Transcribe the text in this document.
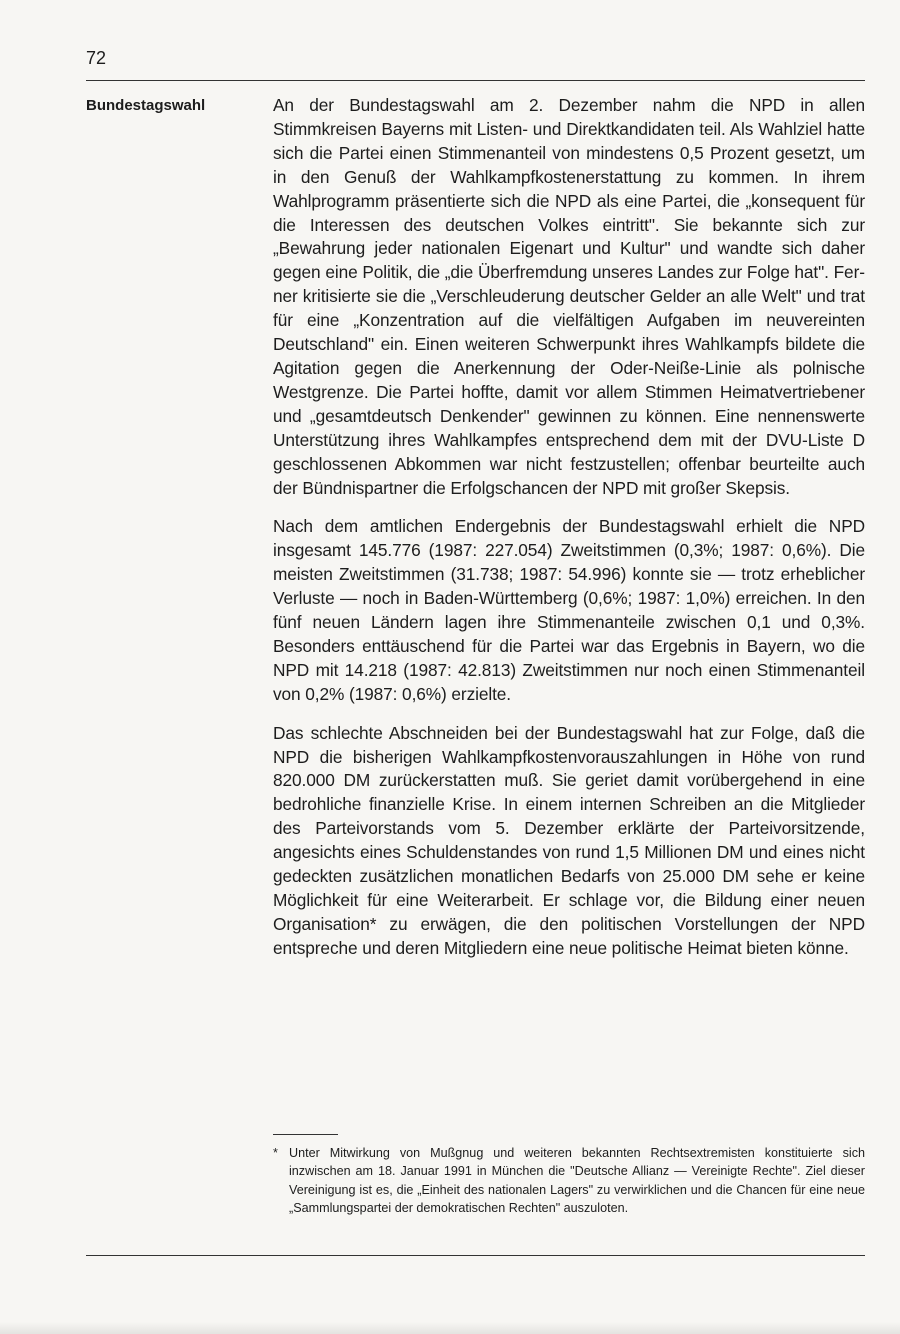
72
Bundestagswahl	An der Bundestagswahl am 2. Dezember nahm die NPD in allen Stimmkreisen Bayerns mit Listen- und Direktkandidaten teil. Als Wahlziel hatte sich die Partei einen Stimmenanteil von mindestens 0,5 Prozent gesetzt, um in den Genuß der Wahlkampfkostenerstattung zu kommen. In ihrem Wahlprogramm präsentierte sich die NPD als eine Partei, die „konsequent für die Interessen des deutschen Volkes eintritt". Sie bekannte sich zur „Bewahrung jeder nationalen Eigenart und Kultur" und wandte sich daher gegen eine Politik, die „die Überfremdung unseres Landes zur Folge hat". Ferner kritisierte sie die „Verschleuderung deutscher Gelder an alle Welt" und trat für eine „Konzentration auf die vielfältigen Aufgaben im neuvereinten Deutschland" ein. Einen weiteren Schwerpunkt ihres Wahlkampfs bildete die Agitation gegen die Anerkennung der Oder-Neiße-Linie als polnische Westgrenze. Die Partei hoffte, damit vor allem Stimmen Heimatvertriebener und „gesamtdeutsch Denkender" gewinnen zu können. Eine nennenswerte Unterstützung ihres Wahlkampfes entsprechend dem mit der DVU-Liste D geschlossenen Abkommen war nicht festzustellen; offenbar beurteilte auch der Bündnispartner die Erfolgschancen der NPD mit großer Skepsis.

Nach dem amtlichen Endergebnis der Bundestagswahl erhielt die NPD insgesamt 145.776 (1987: 227.054) Zweitstimmen (0,3%; 1987: 0,6%). Die meisten Zweitstimmen (31.738; 1987: 54.996) konnte sie — trotz erheblicher Verluste — noch in Baden-Württemberg (0,6%; 1987: 1,0%) erreichen. In den fünf neuen Ländern lagen ihre Stimmenanteile zwischen 0,1 und 0,3%. Besonders enttäuschend für die Partei war das Ergebnis in Bayern, wo die NPD mit 14.218 (1987: 42.813) Zweitstimmen nur noch einen Stimmenanteil von 0,2% (1987: 0,6%) erzielte.

Das schlechte Abschneiden bei der Bundestagswahl hat zur Folge, daß die NPD die bisherigen Wahlkampfkostenvorauszahlungen in Höhe von rund 820.000 DM zurückerstatten muß. Sie geriet damit vorübergehend in eine bedrohliche finanzielle Krise. In einem internen Schreiben an die Mitglieder des Parteivorstands vom 5. Dezember erklärte der Parteivorsitzende, angesichts eines Schuldenstandes von rund 1,5 Millionen DM und eines nicht gedeckten zusätzlichen monatlichen Bedarfs von 25.000 DM sehe er keine Möglichkeit für eine Weiterarbeit. Er schlage vor, die Bildung einer neuen Organisation* zu erwägen, die den politischen Vorstellungen der NPD entspreche und deren Mitgliedern eine neue politische Heimat bieten könne.

* Unter Mitwirkung von Mußgnug und weiteren bekannten Rechtsextremisten konstituierte sich inzwischen am 18. Januar 1991 in München die "Deutsche Allianz — Vereinigte Rechte". Ziel dieser Vereinigung ist es, die „Einheit des nationalen Lagers" zu verwirklichen und die Chancen für eine neue „Sammlungspartei der demokratischen Rechten" auszuloten.
